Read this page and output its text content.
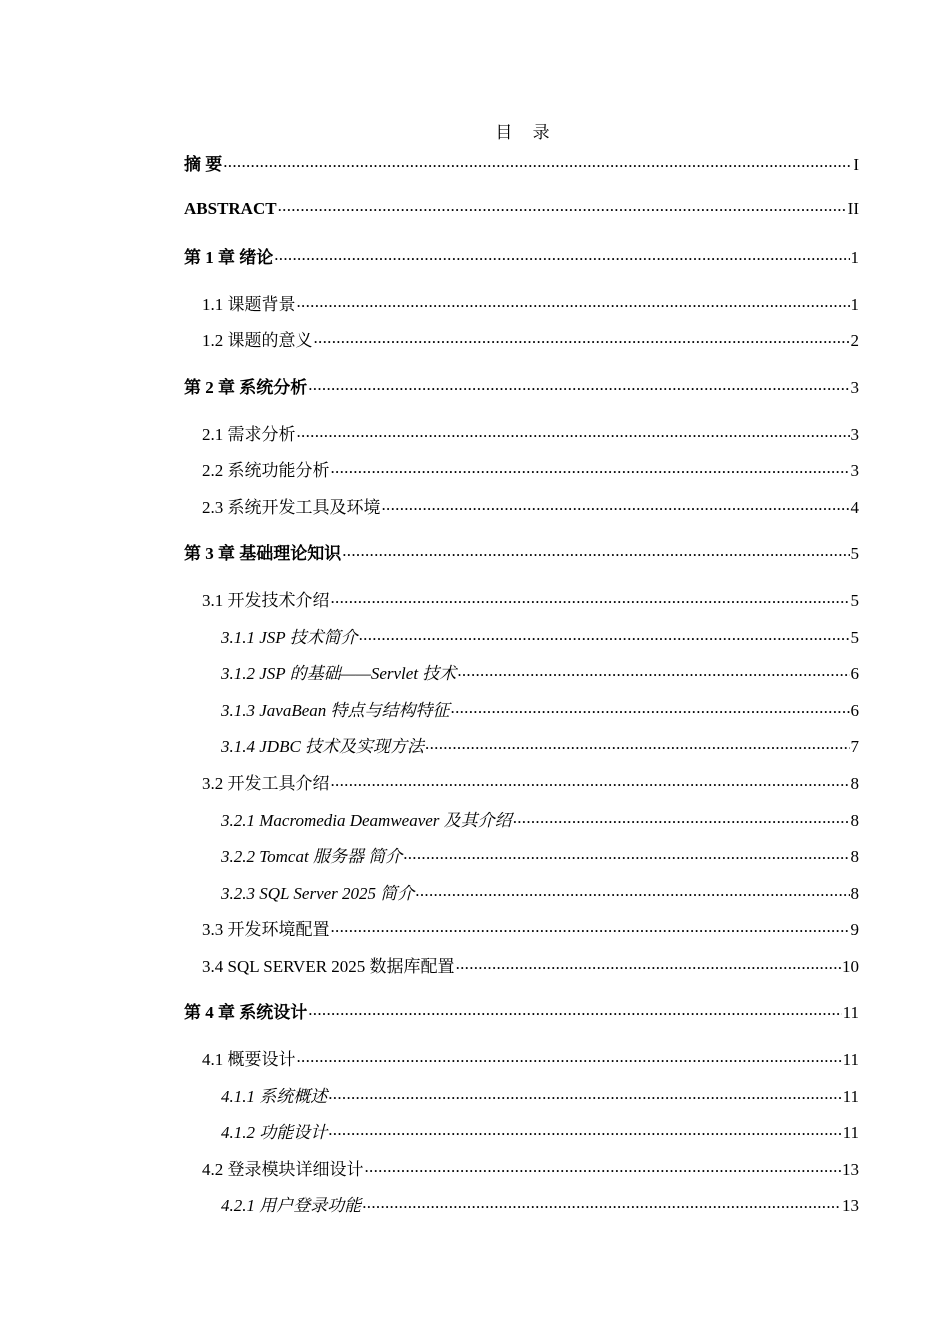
目 录
摘 要 .....	I
ABSTRACT .....	II
第 1 章 绪论 .....	1
1.1 课题背景 .....	1
1.2 课题的意义 .....	2
第 2 章 系统分析 .....	3
2.1 需求分析 .....	3
2.2 系统功能分析 .....	3
2.3 系统开发工具及环境 .....	4
第 3 章 基础理论知识 .....	5
3.1 开发技术介绍 .....	5
3.1.1 JSP 技术简介 .....	5
3.1.2 JSP 的基础——Servlet 技术 .....	6
3.1.3 JavaBean 特点与结构特征 .....	6
3.1.4 JDBC 技术及实现方法 .....	7
3.2 开发工具介绍 .....	8
3.2.1 Macromedia Deamweaver 及其介绍 .....	8
3.2.2 Tomcat 服务器 简介 .....	8
3.2.3 SQL Server 2025 简介 .....	8
3.3 开发环境配置 .....	9
3.4 SQL SERVER 2025 数据库配置 .....	10
第 4 章 系统设计 .....	11
4.1 概要设计 .....	11
4.1.1 系统概述 .....	11
4.1.2 功能设计 .....	11
4.2 登录模块详细设计 .....	13
4.2.1 用户登录功能 .....	13
